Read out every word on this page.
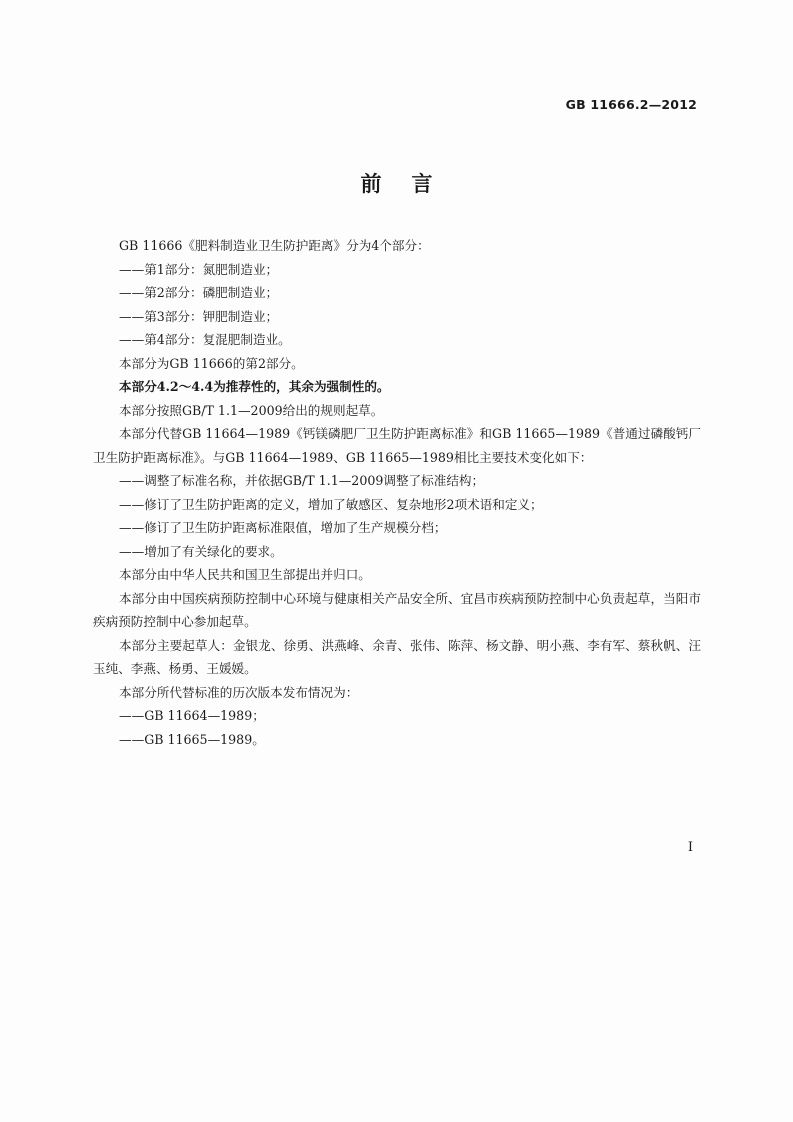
GB 11666.2—2012
前言

GB 11666《肥料制造业卫生防护距离》分为4个部分：

——第1部分：氮肥制造业；

——第2部分：磷肥制造业；

——第3部分：钾肥制造业；

——第4部分：复混肥制造业。

本部分为GB 11666的第2部分。

本部分4.2～4.4为推荐性的，其余为强制性的。

本部分按照GB/T 1.1—2009给出的规则起草。

本部分代替GB 11664—1989《钙镁磷肥厂卫生防护距离标准》和GB 11665—1989《普通过磷酸钙厂卫生防护距离标准》。与GB 11664—1989、GB 11665—1989相比主要技术变化如下：

——调整了标准名称，并依据GB/T 1.1—2009调整了标准结构；

——修订了卫生防护距离的定义，增加了敏感区、复杂地形2项术语和定义；

——修订了卫生防护距离标准限值，增加了生产规模分档；

——增加了有关绿化的要求。

本部分由中华人民共和国卫生部提出并归口。

本部分由中国疾病预防控制中心环境与健康相关产品安全所、宜昌市疾病预防控制中心负责起草，当阳市疾病预防控制中心参加起草。

本部分主要起草人：金银龙、徐勇、洪燕峰、余青、张伟、陈萍、杨文静、明小燕、李有军、蔡秋帆、汪玉纯、李燕、杨勇、王媛媛。

本部分所代替标准的历次版本发布情况为：

——GB 11664—1989；

——GB 11665—1989。

I
